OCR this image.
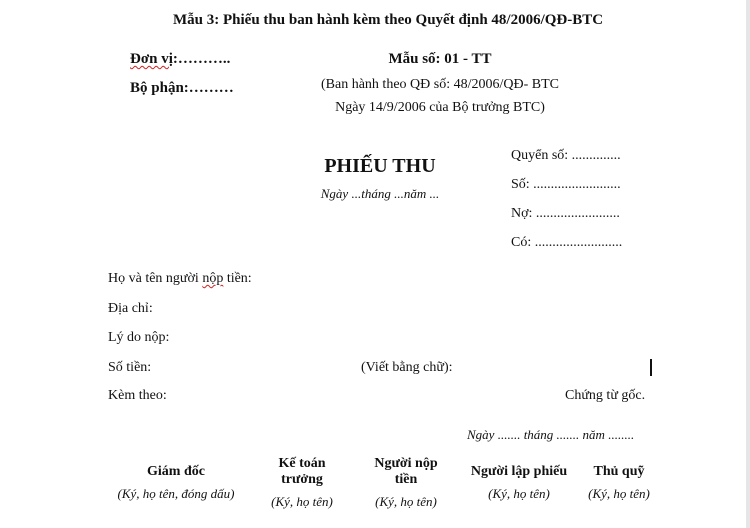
Mẫu 3: Phiếu thu ban hành kèm theo Quyết định 48/2006/QĐ-BTC
Đơn vị:………..
Bộ phận:………
Mẫu số: 01 - TT
(Ban hành theo QĐ số: 48/2006/QĐ- BTC
Ngày 14/9/2006 của Bộ trưởng BTC)
PHIẾU THU
Ngày ...tháng ...năm ...
Quyển số: ..............
Số: .........................
Nợ: ........................
Có: .........................
Họ và tên người nộp tiền:
Địa chỉ:
Lý do nộp:
Số tiền:	(Viết bằng chữ):
Kèm theo:	Chứng từ gốc.
Ngày ....... tháng ....... năm ........
Giám đốc
(Ký, họ tên, đóng dấu)
Kế toán
trưởng
(Ký, họ tên)
Người nộp
tiền
(Ký, họ tên)
Người lập phiếu
(Ký, họ tên)
Thủ quỹ
(Ký, họ tên)
